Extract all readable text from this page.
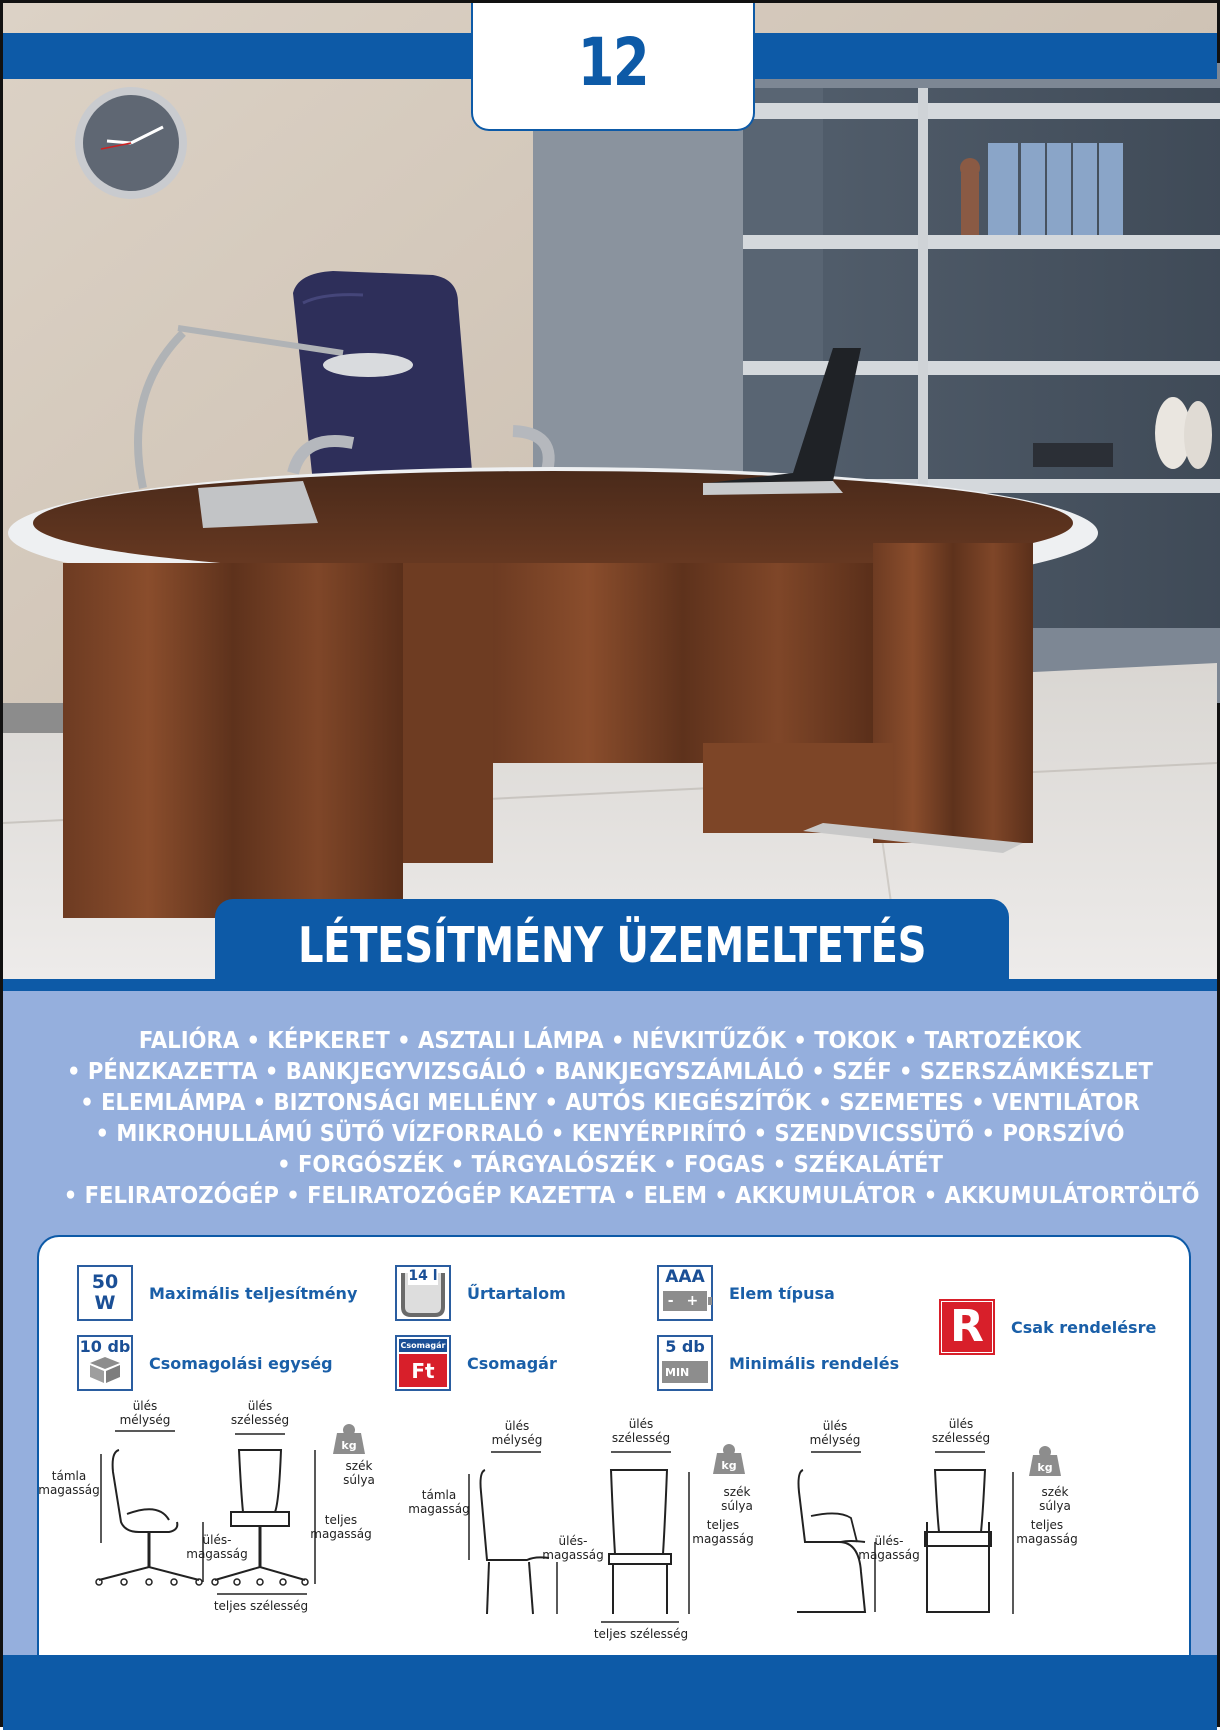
12
LÉTESÍTMÉNY ÜZEMELTETÉS
FALIÓRA • KÉPKERET • ASZTALI LÁMPA • NÉVKITŰZŐK • TOKOK • TARTOZÉKOK
• PÉNZKAZETTA • BANKJEGYVIZSGÁLÓ • BANKJEGYSZÁMLÁLÓ • SZÉF • SZERSZÁMKÉSZLET
• ELEMLÁMPA • BIZTONSÁGI MELLÉNY • AUTÓS KIEGÉSZÍTŐK • SZEMETES • VENTILÁTOR
• MIKROHULLÁMÚ SÜTŐ VÍZFORRALÓ • KENYÉRPIRÍTÓ • SZENDVICSSÜTŐ • PORSZÍVÓ
• FORGÓSZÉK • TÁRGYALÓSZÉK • FOGAS • SZÉKALÁTÉT
• FELIRATOZÓGÉP • FELIRATOZÓGÉP KAZETTA • ELEM • AKKUMULÁTOR • AKKUMULÁTORTÖLTŐ
50
W Maximális teljesítmény
14 l
Űrtartalom
AAA
- + Elem típusa
R Csak rendelésre
10 db
Csomagolási egység
Csomagár
Ft Csomagár
5 db
MIN Minimális rendelés
kg
kg	kg
ülés
mélység
ülés
szélesség
támla
magasság
ülés-
magasság
teljes szélesség
teljes
magasság
szék
súlya
ülés
mélység
ülés
szélesség
támla
magasság
ülés-
magasság
teljes szélesség
teljes
magasság
szék
súlya
ülés
mélység
ülés
szélesség
ülés-
magasság
teljes
magasság
szék
súlya
